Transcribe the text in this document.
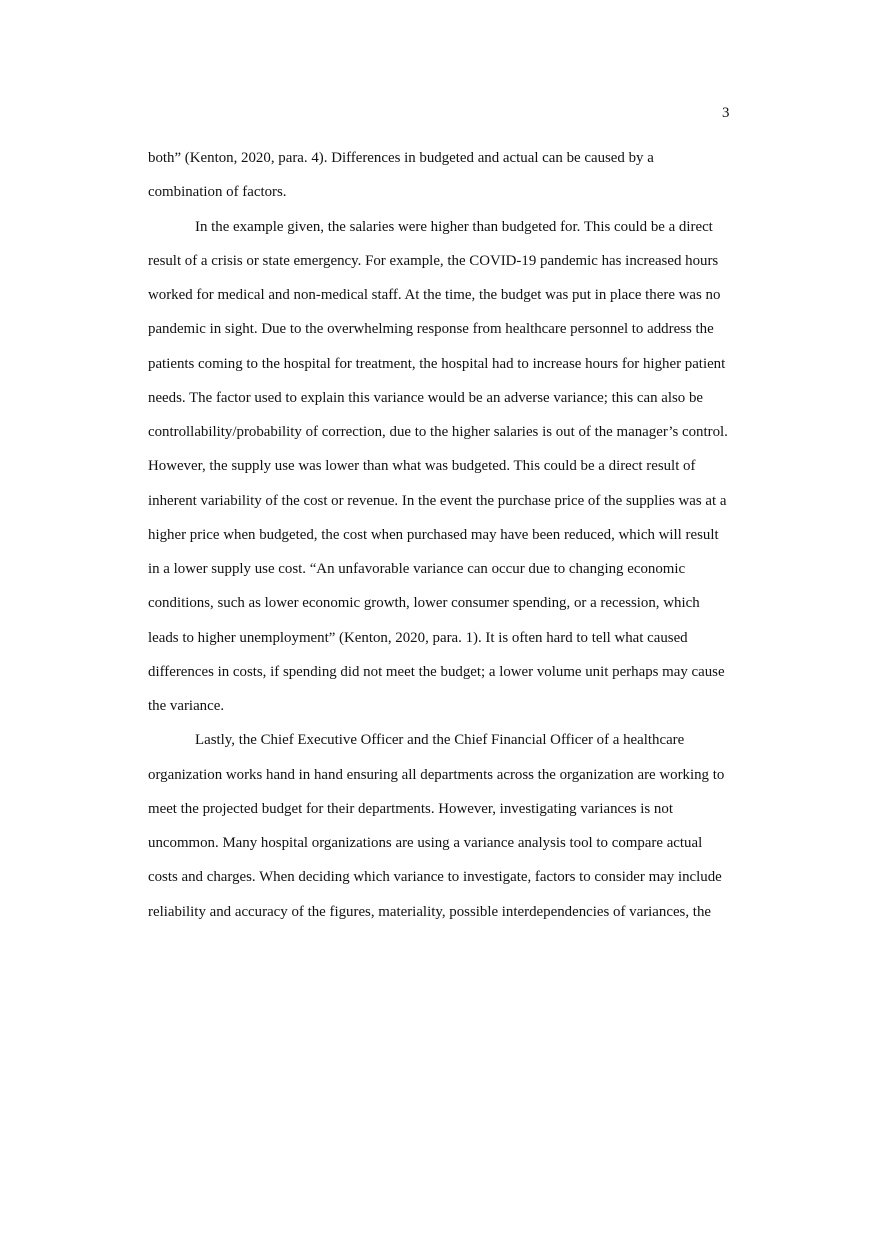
3
both” (Kenton, 2020, para. 4). Differences in budgeted and actual can be caused by a
combination of factors.
In the example given, the salaries were higher than budgeted for. This could be a direct
result of a crisis or state emergency. For example, the COVID-19 pandemic has increased hours
worked for medical and non-medical staff. At the time, the budget was put in place there was no
pandemic in sight. Due to the overwhelming response from healthcare personnel to address the
patients coming to the hospital for treatment, the hospital had to increase hours for higher patient
needs. The factor used to explain this variance would be an adverse variance; this can also be
controllability/probability of correction, due to the higher salaries is out of the manager’s control.
However, the supply use was lower than what was budgeted. This could be a direct result of
inherent variability of the cost or revenue. In the event the purchase price of the supplies was at a
higher price when budgeted, the cost when purchased may have been reduced, which will result
in a lower supply use cost. “An unfavorable variance can occur due to changing economic
conditions, such as lower economic growth, lower consumer spending, or a recession, which
leads to higher unemployment” (Kenton, 2020, para. 1). It is often hard to tell what caused
differences in costs, if spending did not meet the budget; a lower volume unit perhaps may cause
the variance.
Lastly, the Chief Executive Officer and the Chief Financial Officer of a healthcare
organization works hand in hand ensuring all departments across the organization are working to
meet the projected budget for their departments. However, investigating variances is not
uncommon. Many hospital organizations are using a variance analysis tool to compare actual
costs and charges. When deciding which variance to investigate, factors to consider may include
reliability and accuracy of the figures, materiality, possible interdependencies of variances, the
